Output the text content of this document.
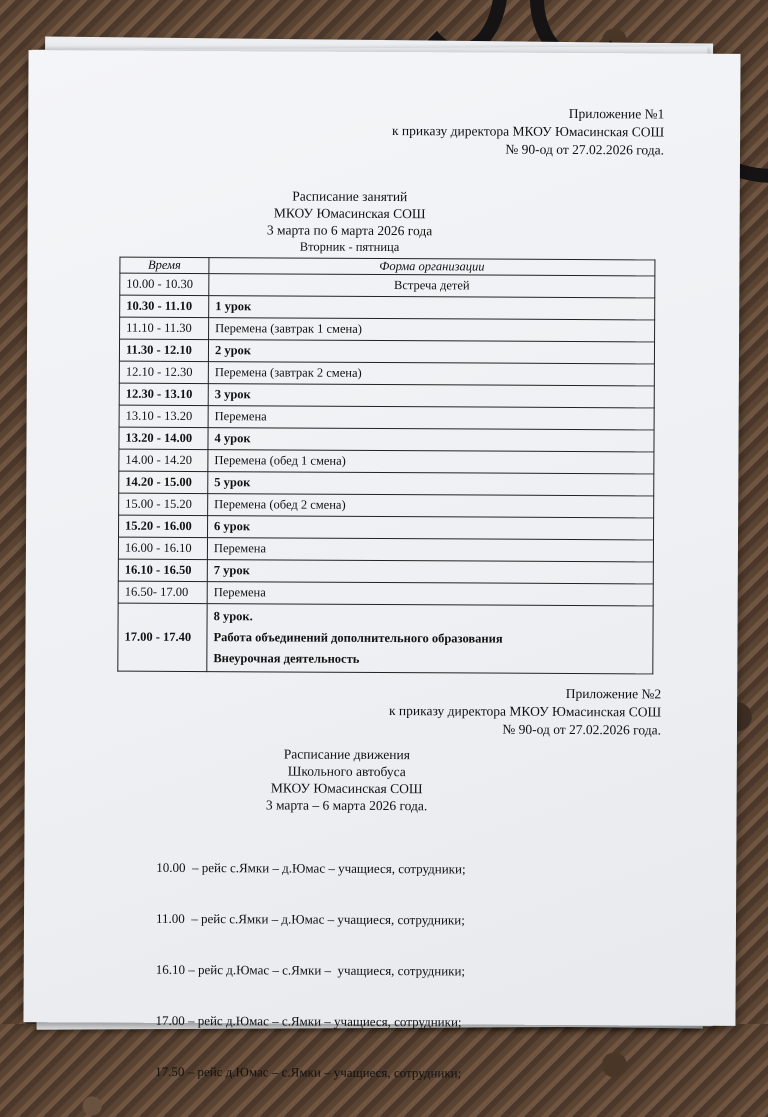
Приложение №1
к приказу директора МКОУ Юмасинская СОШ
№ 90-од от 27.02.2026 года.
Расписание занятий
МКОУ Юмасинская СОШ
3 марта по 6 марта 2026 года
Вторник - пятница
Время	Форма организации
10.00 - 10.30	Встреча детей
10.30 - 11.10	1 урок
11.10 - 11.30	Перемена (завтрак 1 смена)
11.30 - 12.10	2 урок
12.10 - 12.30	Перемена (завтрак 2 смена)
12.30 - 13.10	3 урок
13.10 - 13.20	Перемена
13.20 - 14.00	4 урок
14.00 - 14.20	Перемена (обед 1 смена)
14.20 - 15.00	5 урок
15.00 - 15.20	Перемена (обед 2 смена)
15.20 - 16.00	6 урок
16.00 - 16.10	Перемена
16.10 - 16.50	7 урок
16.50- 17.00	Перемена
17.00 - 17.40	8 урок.
Работа объединений дополнительного образования
Внеурочная деятельность
Приложение №2
к приказу директора МКОУ Юмасинская СОШ
№ 90-од от 27.02.2026 года.
Расписание движения
Школьного автобуса
МКОУ Юмасинская СОШ
3 марта – 6 марта 2026 года.

10.00  – рейс с.Ямки – д.Юмас – учащиеся, сотрудники;

11.00  – рейс с.Ямки – д.Юмас – учащиеся, сотрудники;

16.10 – рейс д.Юмас – с.Ямки –  учащиеся, сотрудники;

17.00 – рейс д.Юмас – с.Ямки – учащиеся, сотрудники;

17.50 – рейс д.Юмас – с.Ямки – учащиеся, сотрудники;
